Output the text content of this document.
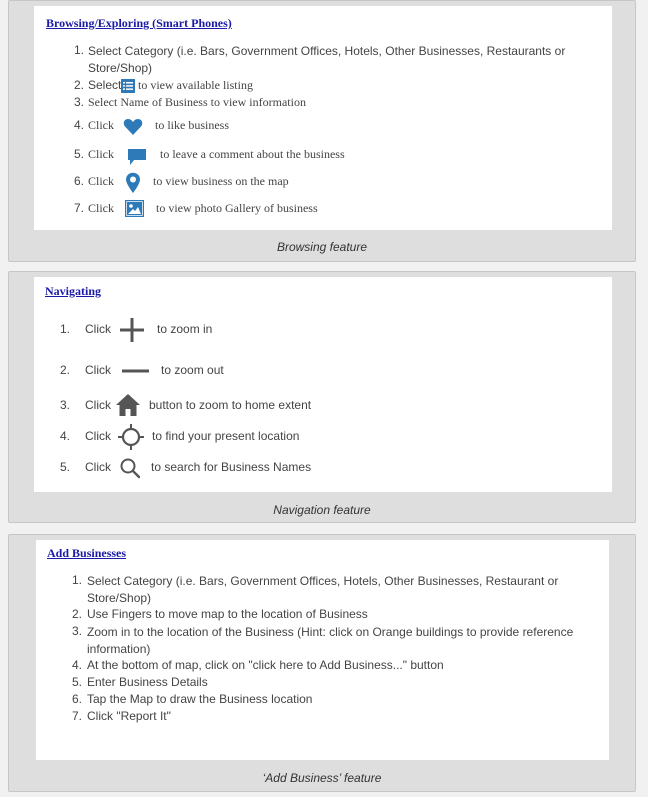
Browsing/Exploring (Smart Phones)
1. Select Category (i.e. Bars, Government Offices, Hotels, Other Businesses, Restaurants or Store/Shop)
2. Select to view available listing
3. Select Name of Business to view information
4. Click	to like business
5. Click	to leave a comment about the business
6. Click	to view business on the map
7. Click	to view photo Gallery of business
Browsing feature
Navigating
1. Click	to zoom in
2. Click	to zoom out
3. Click	button to zoom to home extent
4. Click	to find your present location
5. Click	to search for Business Names
Navigation feature
Add Businesses
1. Select Category (i.e. Bars, Government Offices, Hotels, Other Businesses, Restaurant or Store/Shop)
2. Use Fingers to move map to the location of Business
3. Zoom in to the location of the Business (Hint: click on Orange buildings to provide reference information)
4. At the bottom of map, click on "click here to Add Business..." button
5. Enter Business Details
6. Tap the Map to draw the Business location
7. Click "Report It"
‘Add Business’ feature
